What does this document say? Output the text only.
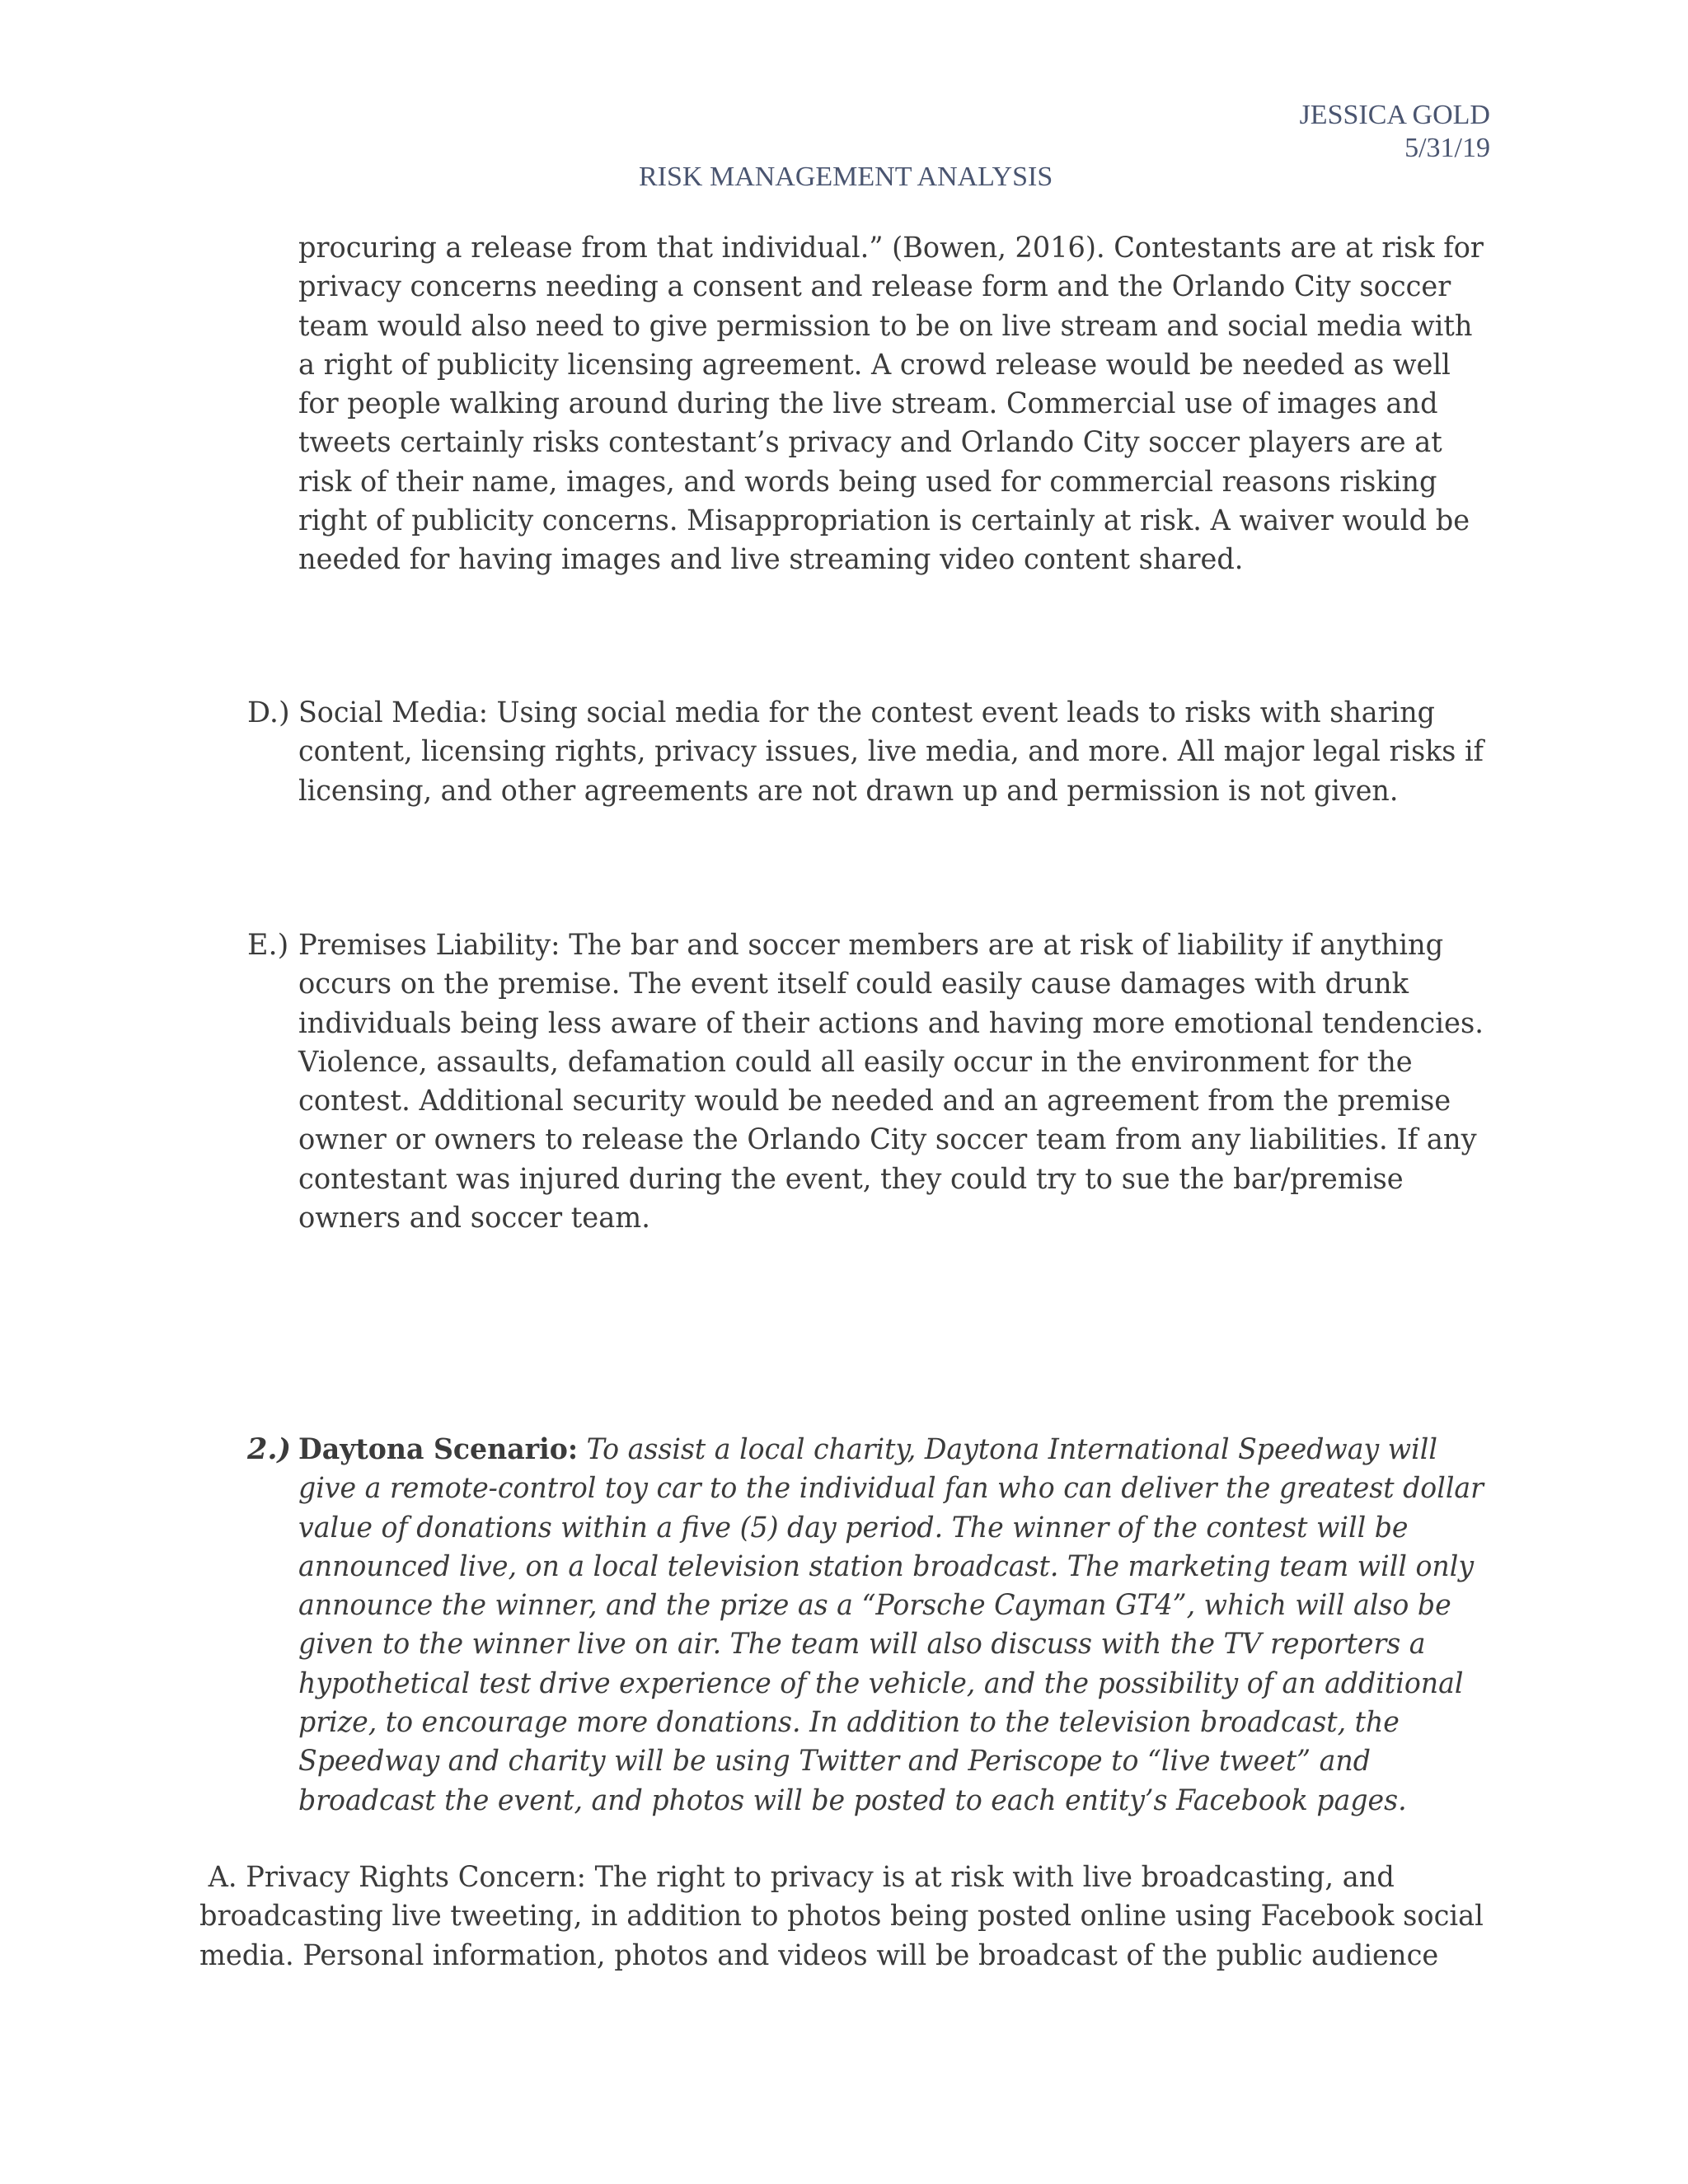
JESSICA GOLD
5/31/19
RISK MANAGEMENT ANALYSIS
procuring a release from that individual.” (Bowen, 2016). Contestants are at risk for
privacy concerns needing a consent and release form and the Orlando City soccer
team would also need to give permission to be on live stream and social media with
a right of publicity licensing agreement. A crowd release would be needed as well
for people walking around during the live stream. Commercial use of images and
tweets certainly risks contestant’s privacy and Orlando City soccer players are at
risk of their name, images, and words being used for commercial reasons risking
right of publicity concerns. Misappropriation is certainly at risk. A waiver would be
needed for having images and live streaming video content shared.
D.) Social Media: Using social media for the contest event leads to risks with sharing
content, licensing rights, privacy issues, live media, and more. All major legal risks if
licensing, and other agreements are not drawn up and permission is not given.
E.) Premises Liability: The bar and soccer members are at risk of liability if anything
occurs on the premise. The event itself could easily cause damages with drunk
individuals being less aware of their actions and having more emotional tendencies.
Violence, assaults, defamation could all easily occur in the environment for the
contest. Additional security would be needed and an agreement from the premise
owner or owners to release the Orlando City soccer team from any liabilities. If any
contestant was injured during the event, they could try to sue the bar/premise
owners and soccer team.
2.) Daytona Scenario: To assist a local charity, Daytona International Speedway will
give a remote-control toy car to the individual fan who can deliver the greatest dollar
value of donations within a five (5) day period. The winner of the contest will be
announced live, on a local television station broadcast. The marketing team will only
announce the winner, and the prize as a “Porsche Cayman GT4”, which will also be
given to the winner live on air. The team will also discuss with the TV reporters a
hypothetical test drive experience of the vehicle, and the possibility of an additional
prize, to encourage more donations. In addition to the television broadcast, the
Speedway and charity will be using Twitter and Periscope to “live tweet” and
broadcast the event, and photos will be posted to each entity’s Facebook pages.
A. Privacy Rights Concern: The right to privacy is at risk with live broadcasting, and
broadcasting live tweeting, in addition to photos being posted online using Facebook social
media. Personal information, photos and videos will be broadcast of the public audience
